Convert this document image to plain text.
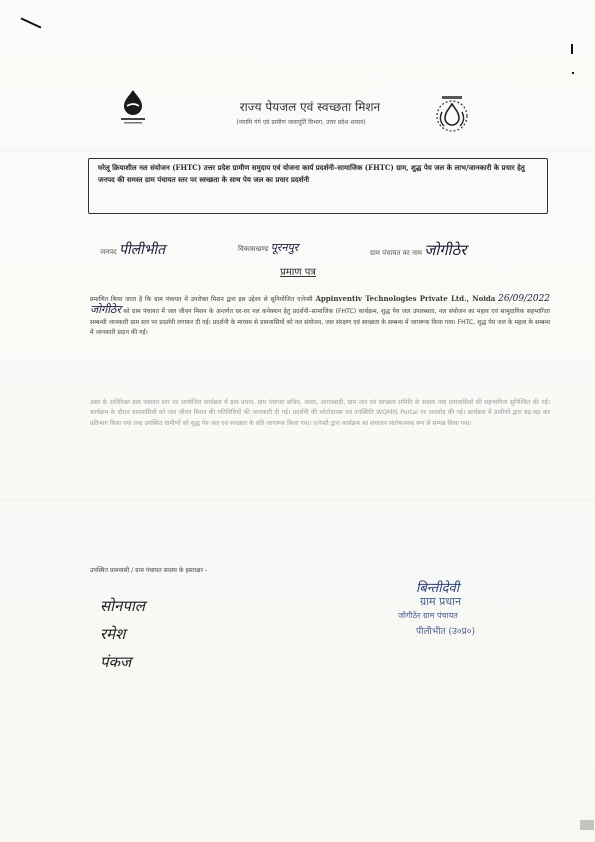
राज्य पेयजल एवं स्वच्छता मिशन
(नमामि गंगे एवं ग्रामीण जलापूर्ति विभाग, उत्तर प्रदेश शासन)
घरेलू क्रियाशील नल संयोजन (FHTC) उत्तर प्रदेश ग्रामीण समुदाय एवं योजना कार्य प्रदर्शनी–सामाजिक (FHTC) ग्राम, शुद्ध पेय जल के लाभ/जानकारी के प्रचार हेतु जनपद की समस्त ग्राम पंचायत स्तर पर स्वच्छता के साथ पेय जल का प्रचार प्रदर्शनी
जनपद पीलीभीत	विकासखण्ड पूरनपुर	ग्राम पंचायत का नाम जोगीठेर
प्रमाण पत्र
प्रमाणित किया जाता है कि ग्राम पंचायत में उपरोक्त मिशन द्वारा इस उद्देश्य से सुनियोजित एजेन्सी Appinventiv Technologies Private Ltd., Noida 26/09/2022 जोगीठेर को ग्राम पंचायत में जल जीवन मिशन के अन्तर्गत घर-घर नल कनेक्शन हेतु प्रदर्शनी–सामाजिक (FHTC) कार्यक्रम, शुद्ध पेय जल उपलब्धता, नल संयोजन का महत्व एवं सामुदायिक सहभागिता सम्बन्धी जानकारी ग्राम स्तर पर प्रदर्शनी लगाकर दी गई। प्रदर्शनी के माध्यम से ग्रामवासियों को नल संयोजन, जल संरक्षण एवं स्वच्छता के सम्बन्ध में जागरूक किया गया। FHTC, शुद्ध पेय जल के महत्व के सम्बन्ध में जानकारी प्रदान की गई।
उक्त के अतिरिक्त ग्राम पंचायत स्तर पर आयोजित कार्यक्रम में ग्राम प्रधान, ग्राम पंचायत सचिव, आशा, आंगनबाड़ी, ग्राम जल एवं स्वच्छता समिति के सदस्य तथा ग्रामवासियों की सहभागिता सुनिश्चित की गई। कार्यक्रम के दौरान ग्रामवासियों को जल जीवन मिशन की गतिविधियों की जानकारी दी गई। प्रदर्शनी की फोटोग्राफ्स एवं उपस्थिति WQMIS Portal पर अपलोड की गई। कार्यक्रम में ग्रामीणों द्वारा बढ़-चढ़ कर प्रतिभाग किया गया तथा उपस्थित ग्रामीणों को शुद्ध पेय जल एवं स्वच्छता के प्रति जागरूक किया गया। एजेन्सी द्वारा कार्यक्रम का संचालन संतोषजनक रूप से सम्पन्न किया गया।
उपस्थित ग्रामवासी / ग्राम पंचायत सदस्य के हस्ताक्षर -
सोनपाल
रमेश
पंकज
बिन्तीदेवी
ग्राम प्रधान
जोगीठेर ग्राम पंचायत
पीलीभीत (उ०प्र०)
